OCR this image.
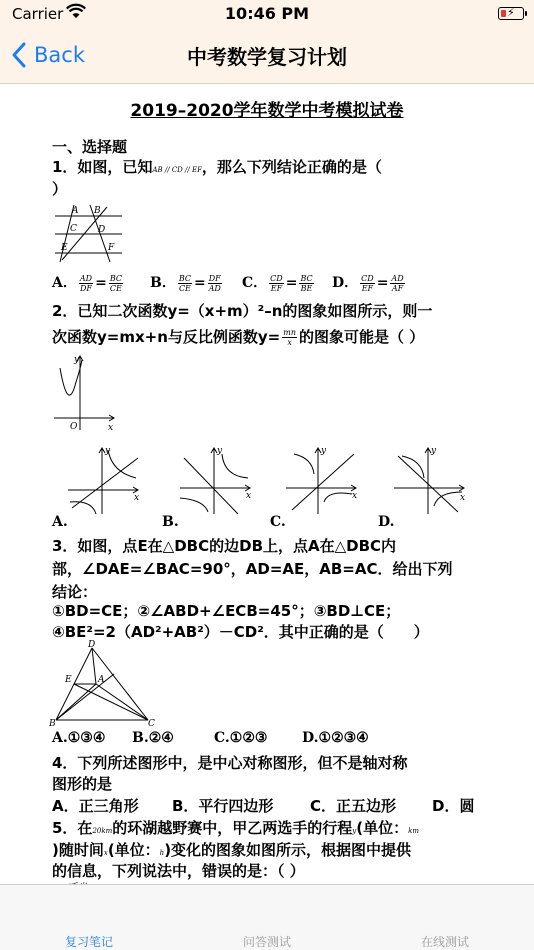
Carrier	10:46 PM	⚡
Back	中考数学复习计划
2019–2020学年数学中考模拟试卷
一、选择题
1．如图，已知AB // CD // EF，那么下列结论正确的是（
）
A B
C D
E	F
A． $\frac{AD}{DF} = \frac{BC}{CE}$ B． $\frac{BC}{CE} = \frac{DF}{AD}$ C． $\frac{CD}{EF} = \frac{BC}{BE}$ D． $\frac{CD}{EF} = \frac{AD}{AF}$
2．已知二次函数y=（x+m）²–n的图象如图所示，则一
次函数y=mx+n与反比例函数$y= \frac{mn}{x}$ 的图象可能是（ ）
y
x
O
y
x
y
x
y
x
y
x
A.	B.	C.	D.
3．如图，点E在△DBC的边DB上，点A在△DBC内
部，∠DAE=∠BAC=90°，AD=AE，AB=AC．给出下列
结论：
①BD=CE；②∠ABD+∠ECB=45°；③BD⊥CE；
④BE²=2（AD²+AB²）－CD²．其中正确的是（　　）
D
E	A
B	C
A.①③④ B.②④	C.①②③ D.①②③④
4．下列所述图形中，是中心对称图形，但不是轴对称
图形的是
A．正三角形 B．平行四边形 C．正五边形 D．圆
5．在20km的环湖越野赛中，甲乙两选手的行程y(单位：km
)随时间x(单位：h)变化的图象如图所示，根据图中提供
的信息，下列说法中，错误的是：（ ）
复习笔记	问答测试	在线测试
